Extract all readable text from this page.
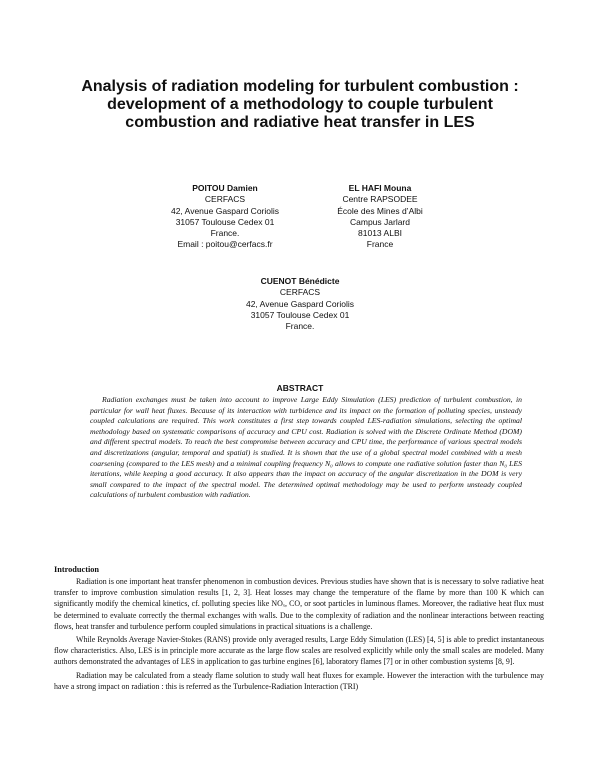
Analysis of radiation modeling for turbulent combustion : development of a methodology to couple turbulent combustion and radiative heat transfer in LES
POITOU Damien
CERFACS
42, Avenue Gaspard Coriolis
31057 Toulouse Cedex 01
France.
Email : poitou@cerfacs.fr
EL HAFI Mouna
Centre RAPSODEE
École des Mines d’Albi
Campus Jarlard
81013 ALBI
France
CUENOT Bénédicte
CERFACS
42, Avenue Gaspard Coriolis
31057 Toulouse Cedex 01
France.
ABSTRACT

Radiation exchanges must be taken into account to improve Large Eddy Simulation (LES) prediction of turbulent combustion, in particular for wall heat fluxes. Because of its interaction with turbidence and its impact on the formation of polluting species, unsteady coupled calculations are required. This work constitutes a first step towards coupled LES-radiation simulations, selecting the optimal methodology based on systematic comparisons of accuracy and CPU cost. Radiation is solved with the Discrete Ordinate Method (DOM) and different spectral models. To reach the best compromise between accuracy and CPU time, the performance of various spectral models and discretizations (angular, temporal and spatial) is studied. It is shown that the use of a global spectral model combined with a mesh coarsening (compared to the LES mesh) and a minimal coupling frequency N₀ allows to compute one radiative solution faster than N₀ LES iterations, while keeping a good accuracy. It also appears than the impact on accuracy of the angular discretization in the DOM is very small compared to the impact of the spectral model. The determined optimal methodology may be used to perform unsteady coupled calculations of turbulent combustion with radiation.

Introduction

Radiation is one important heat transfer phenomenon in combustion devices. Previous studies have shown that is is necessary to solve radiative heat transfer to improve combustion simulation results [1, 2, 3]. Heat losses may change the temperature of the flame by more than 100 K which can significantly modify the chemical kinetics, cf. polluting species like NOₓ, CO, or soot particles in luminous flames. Moreover, the radiative heat flux must be determined to evaluate correctly the thermal exchanges with walls. Due to the complexity of radiation and the nonlinear interactions between reacting flows, heat transfer and turbulence perform coupled simulations in practical situations is a challenge.

While Reynolds Average Navier-Stokes (RANS) provide only averaged results, Large Eddy Simulation (LES) [4, 5] is able to predict instantaneous flow characteristics. Also, LES is in principle more accurate as the large flow scales are resolved explicitly while only the small scales are modeled. Many authors demonstrated the advantages of LES in application to gas turbine engines [6], laboratory flames [7] or in other combustion systems [8, 9].

Radiation may be calculated from a steady flame solution to study wall heat fluxes for example. However the interaction with the turbulence may have a strong impact on radiation : this is referred as the Turbulence-Radiation Interaction (TRI)
